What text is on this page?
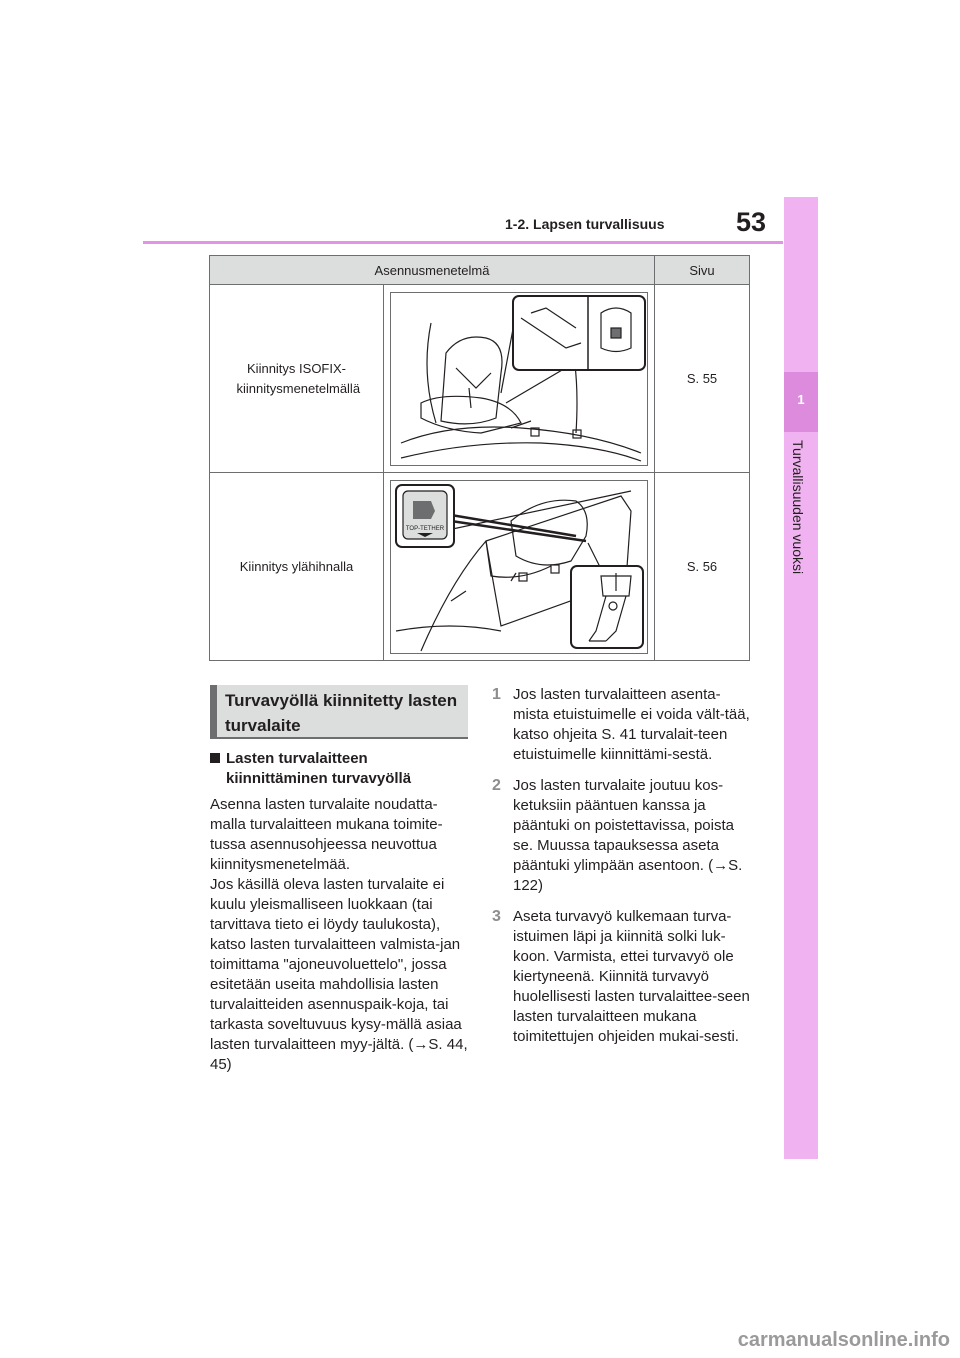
1-2. Lapsen turvallisuus	53
1
Turvallisuuden vuoksi
Asennusmenetelmä		Sivu

Kiinnitys ISOFIX-kiinnitysmenetelmällä		S. 55
Kiinnitys ylähihnalla	TOP-TETHER	S. 56
Turvavyöllä kiinnitetty lasten turvalaite
Lasten turvalaitteen kiinnittäminen turvavyöllä

Asenna lasten turvalaite noudatta-malla turvalaitteen mukana toimite-tussa asennusohjeessa neuvottua kiinnitysmenetelmää.

Jos käsillä oleva lasten turvalaite ei kuulu yleismalliseen luokkaan (tai tarvittava tieto ei löydy taulukosta), katso lasten turvalaitteen valmista-jan toimittama "ajoneuvoluettelo", jossa esitetään useita mahdollisia lasten turvalaitteiden asennuspaik-koja, tai tarkasta soveltuvuus kysy-mällä asiaa lasten turvalaitteen myy-jältä. (→S. 44, 45)

1 Jos lasten turvalaitteen asenta-mista etuistuimelle ei voida vält-tää, katso ohjeita S. 41 turvalait-teen etuistuimelle kiinnittämi-sestä.

2 Jos lasten turvalaite joutuu kos-ketuksiin pääntuen kanssa ja pääntuki on poistettavissa, poista se. Muussa tapauksessa aseta pääntuki ylimpään asentoon. (→S. 122)

3 Aseta turvavyö kulkemaan turva-istuimen läpi ja kiinnitä solki luk-koon. Varmista, ettei turvavyö ole kiertyneenä. Kiinnitä turvavyö huolellisesti lasten turvalaittee-seen lasten turvalaitteen mukana toimitettujen ohjeiden mukai-sesti.

carmanualsonline.info
